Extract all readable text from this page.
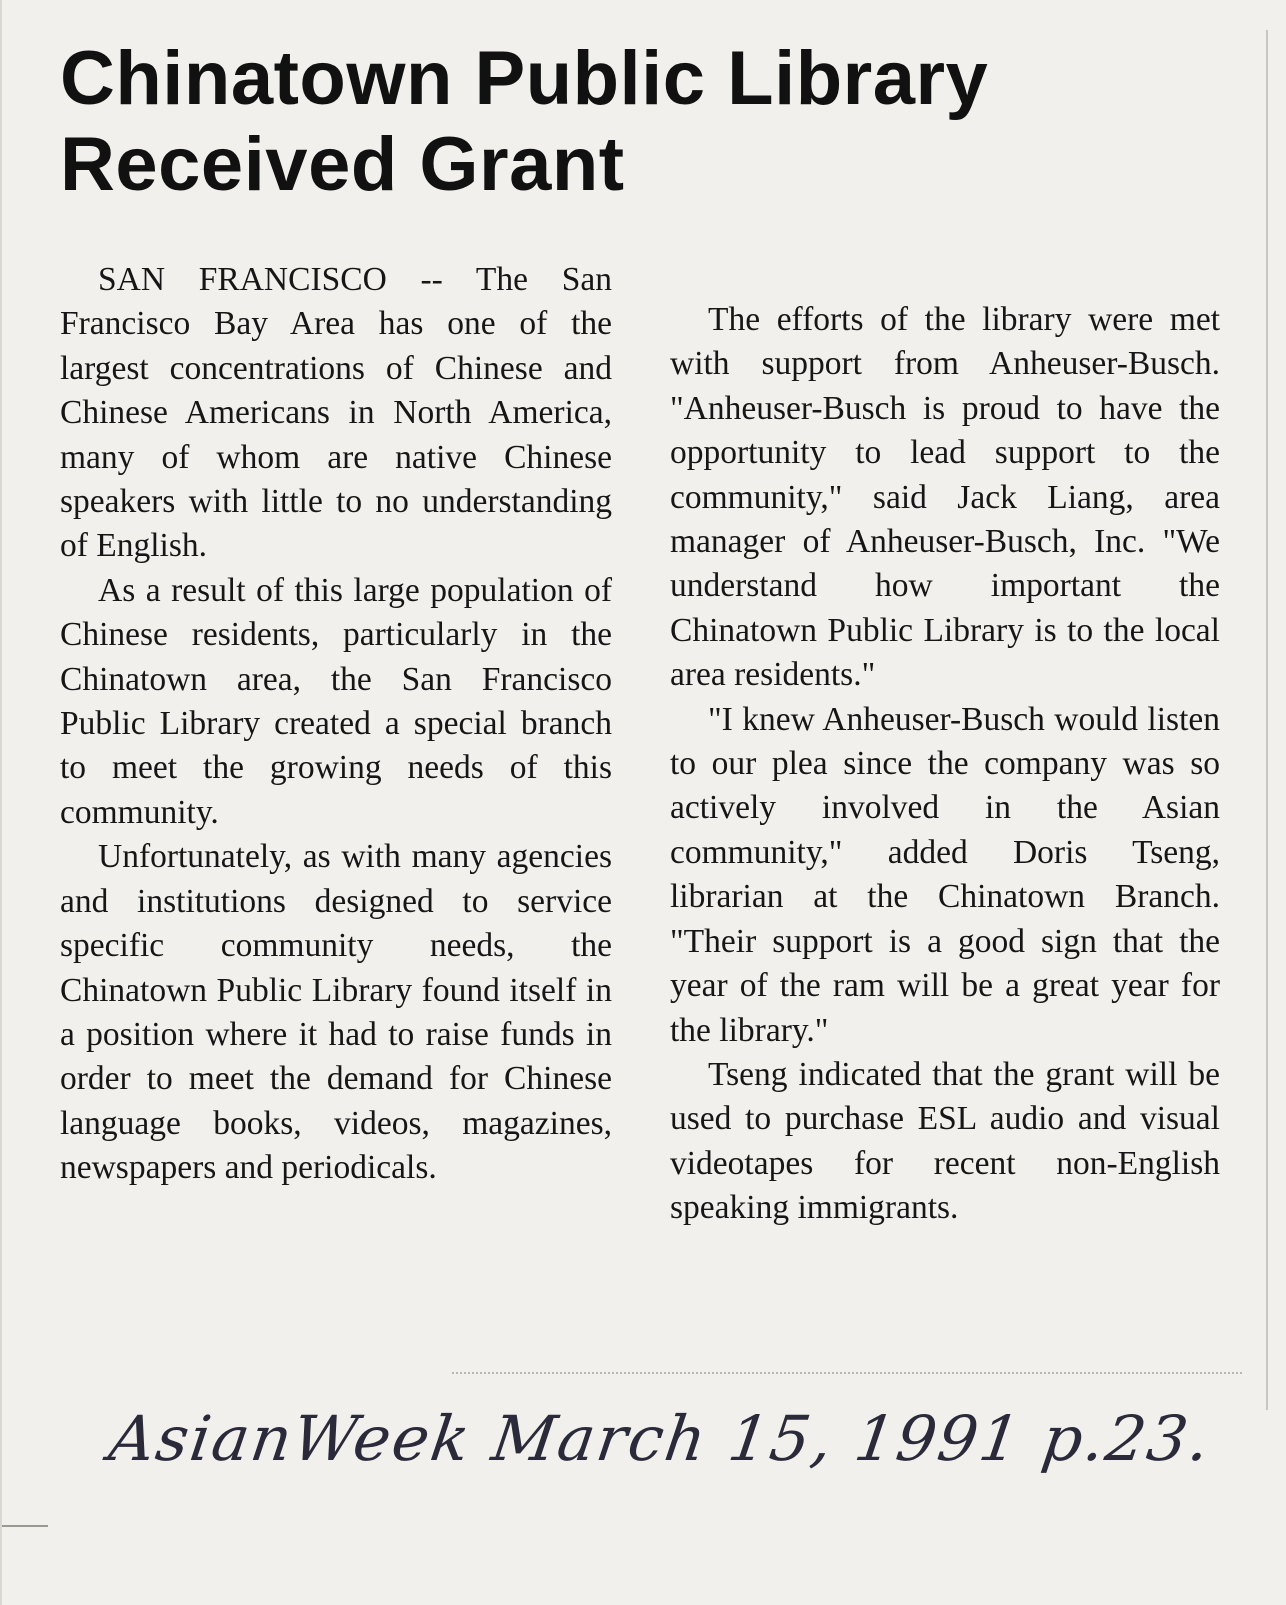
Chinatown Public Library
Received Grant

SAN FRANCISCO -- The San Francisco Bay Area has one of the largest concentrations of Chinese and Chinese Americans in North America, many of whom are native Chinese speakers with little to no understanding of English.

As a result of this large population of Chinese residents, particularly in the Chinatown area, the San Francisco Public Library created a special branch to meet the growing needs of this community.

Unfortunately, as with many agencies and institutions designed to service specific community needs, the Chinatown Public Library found itself in a position where it had to raise funds in order to meet the demand for Chinese language books, videos, magazines, newspapers and periodicals.

The efforts of the library were met with support from Anheuser-Busch. "Anheuser-Busch is proud to have the opportunity to lead support to the community," said Jack Liang, area manager of Anheuser-Busch, Inc. "We understand how important the Chinatown Public Library is to the local area residents."

"I knew Anheuser-Busch would listen to our plea since the company was so actively involved in the Asian community," added Doris Tseng, librarian at the Chinatown Branch. "Their support is a good sign that the year of the ram will be a great year for the library."

Tseng indicated that the grant will be used to purchase ESL audio and visual videotapes for recent non-English speaking immigrants.

AsianWeek March 15, 1991 p.23.
